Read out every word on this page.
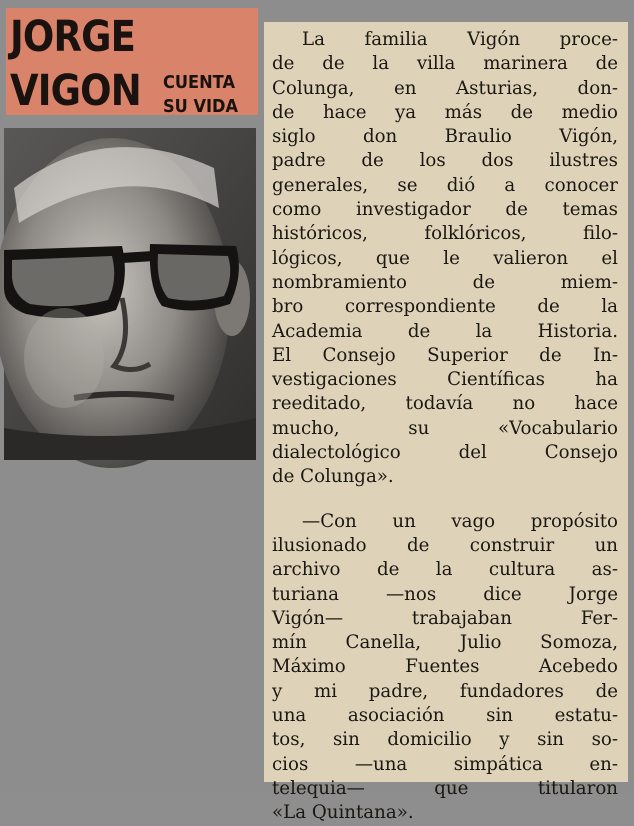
JORGE
VIGON CUENTA
SU VIDA

La familia Vigón proce-
de de la villa marinera de
Colunga, en Asturias, don-
de hace ya más de medio
siglo don Braulio Vigón,
padre de los dos ilustres
generales, se dió a conocer
como investigador de temas
históricos, folklóricos, filo-
lógicos, que le valieron el
nombramiento de miem-
bro correspondiente de la
Academia de la Historia.
El Consejo Superior de In-
vestigaciones Científicas ha
reeditado, todavía no hace
mucho, su «Vocabulario
dialectológico del Consejo
de Colunga».

—Con un vago propósito
ilusionado de construir un
archivo de la cultura as-
turiana —nos dice Jorge
Vigón— trabajaban Fer-
mín Canella, Julio Somoza,
Máximo Fuentes Acebedo
y mi padre, fundadores de
una asociación sin estatu-
tos, sin domicilio y sin so-
cios —una simpática en-
telequia— que titularon
«La Quintana».
